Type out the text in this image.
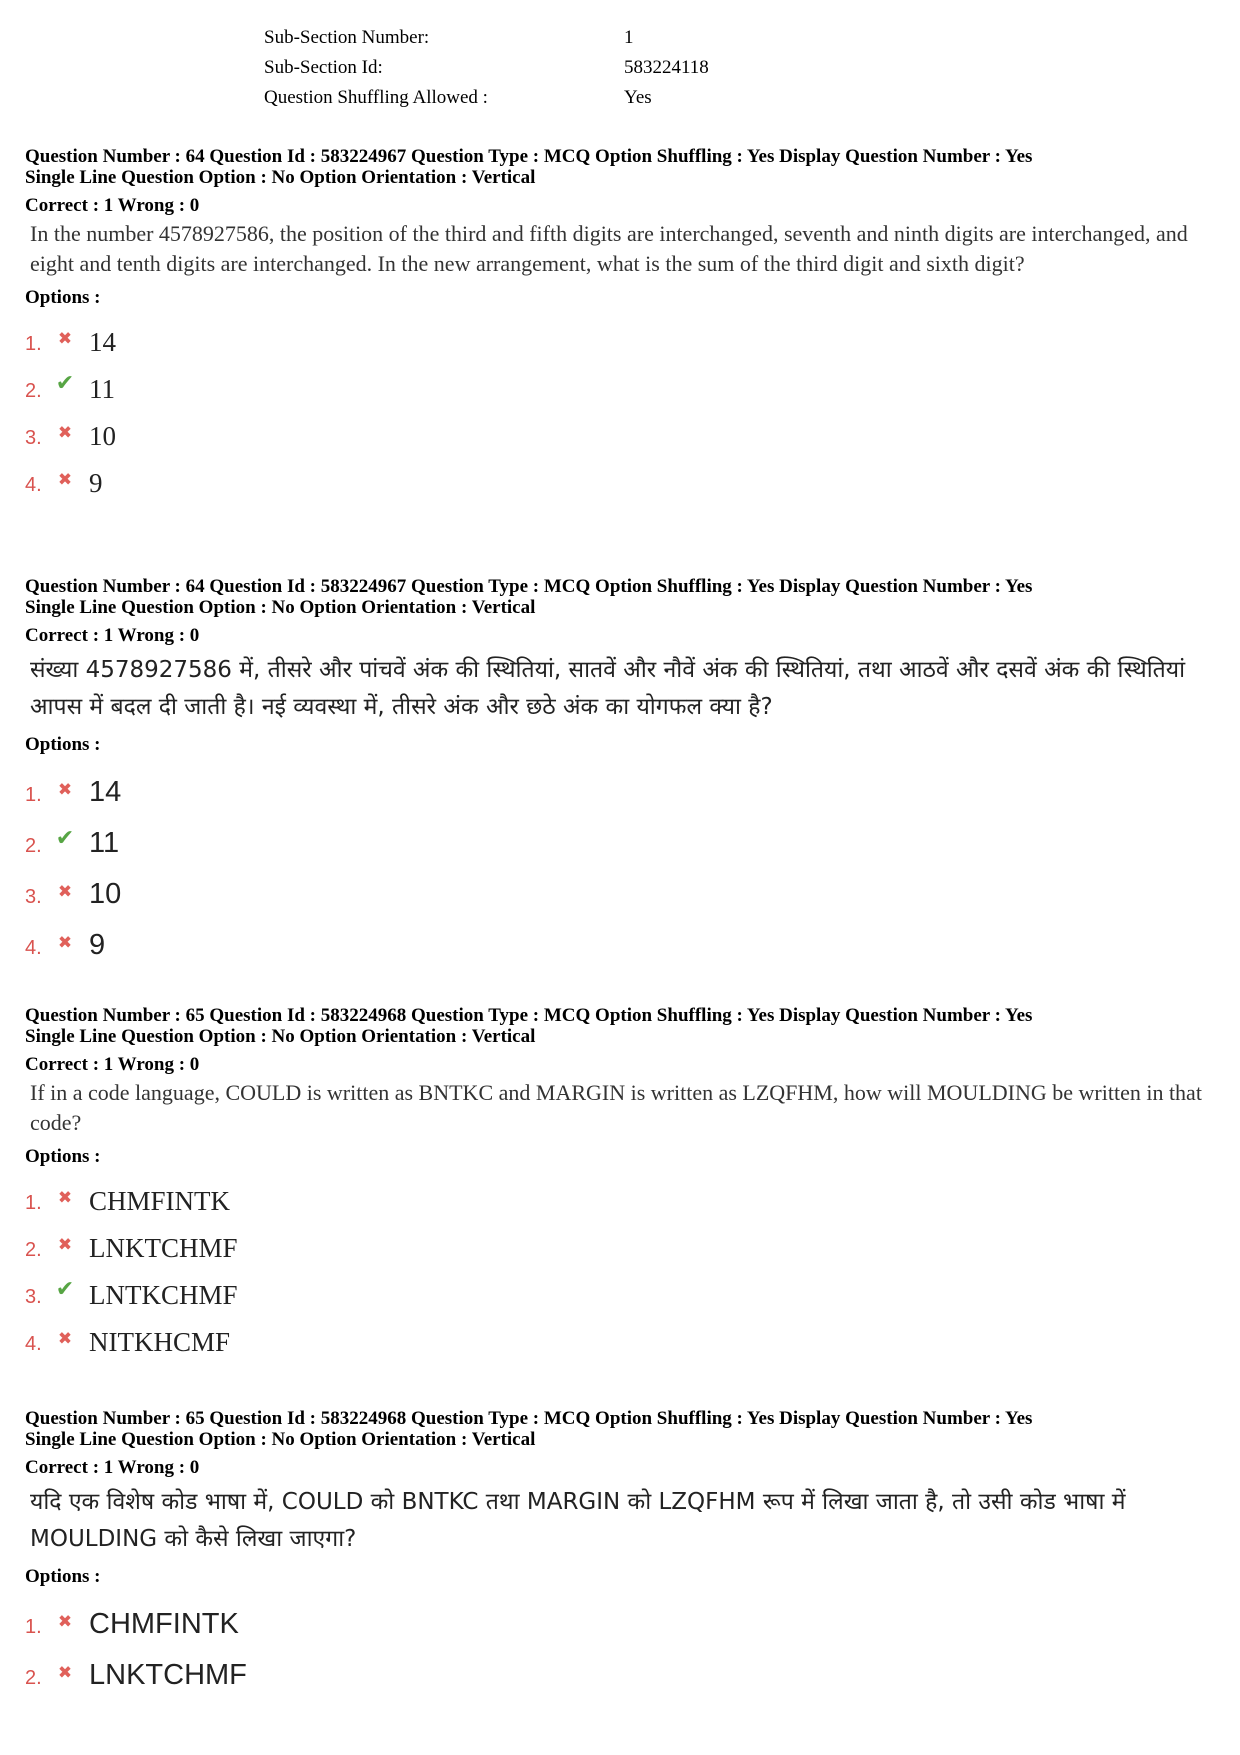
Sub-Section Number:	1
Sub-Section Id:	583224118
Question Shuffling Allowed :	Yes
Question Number : 64 Question Id : 583224967 Question Type : MCQ Option Shuffling : Yes Display Question Number : Yes
Single Line Question Option : No Option Orientation : Vertical
Correct : 1 Wrong : 0
In the number 4578927586, the position of the third and fifth digits are interchanged, seventh and ninth digits are interchanged, and eight and tenth digits are interchanged. In the new arrangement, what is the sum of the third digit and sixth digit?
Options :
1. ✖ 14
2. ✔ 11
3. ✖ 10
4. ✖ 9
Question Number : 64 Question Id : 583224967 Question Type : MCQ Option Shuffling : Yes Display Question Number : Yes
Single Line Question Option : No Option Orientation : Vertical
Correct : 1 Wrong : 0
संख्या 4578927586 में, तीसरे और पांचवें अंक की स्थितियां, सातवें और नौवें अंक की स्थितियां, तथा आठवें और दसवें अंक की स्थितियां आपस में बदल दी जाती है। नई व्यवस्था में, तीसरे अंक और छठे अंक का योगफल क्या है?
Options :
1. ✖ 14
2. ✔ 11
3. ✖ 10
4. ✖ 9
Question Number : 65 Question Id : 583224968 Question Type : MCQ Option Shuffling : Yes Display Question Number : Yes
Single Line Question Option : No Option Orientation : Vertical
Correct : 1 Wrong : 0
If in a code language, COULD is written as BNTKC and MARGIN is written as LZQFHM, how will MOULDING be written in that code?
Options :
1. ✖ CHMFINTK
2. ✖ LNKTCHMF
3. ✔ LNTKCHMF
4. ✖ NITKHCMF
Question Number : 65 Question Id : 583224968 Question Type : MCQ Option Shuffling : Yes Display Question Number : Yes
Single Line Question Option : No Option Orientation : Vertical
Correct : 1 Wrong : 0
यदि एक विशेष कोड भाषा में, COULD को BNTKC तथा MARGIN को LZQFHM रूप में लिखा जाता है, तो उसी कोड भाषा में MOULDING को कैसे लिखा जाएगा?
Options :
1. ✖ CHMFINTK
2. ✖ LNKTCHMF
